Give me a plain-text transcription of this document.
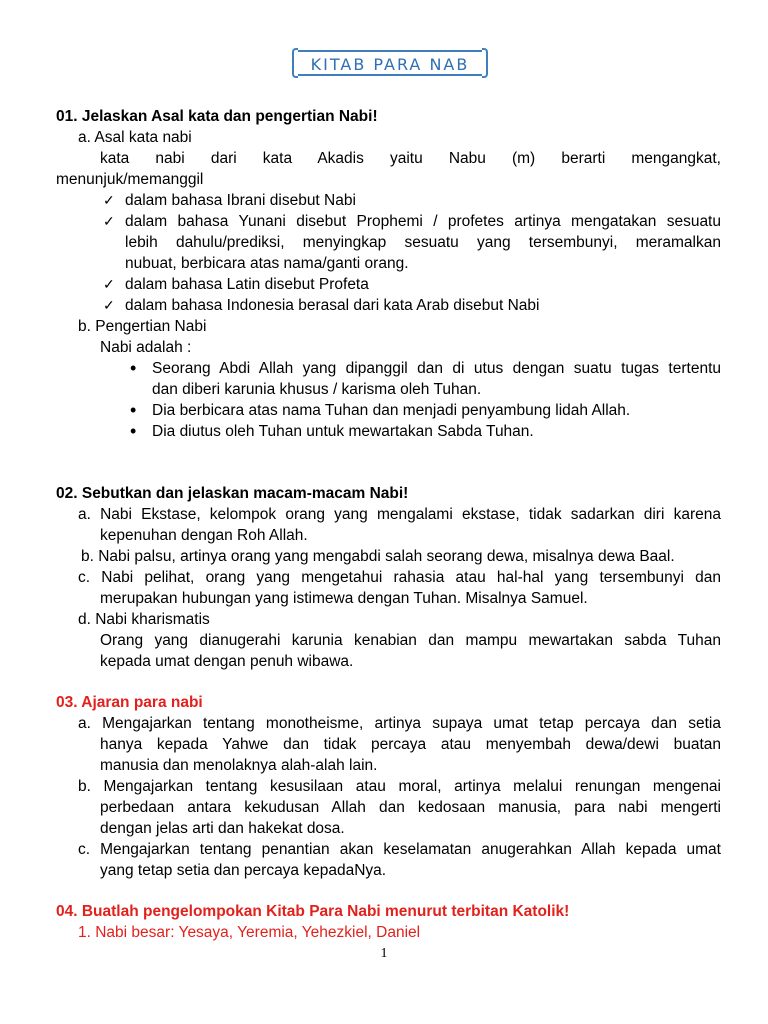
KITAB PARA NAB
01. Jelaskan Asal kata dan pengertian Nabi!
a. Asal kata nabi
kata nabi dari kata Akadis yaitu Nabu (m) berarti mengangkat,
menunjuk/memanggil
✓ dalam bahasa Ibrani disebut Nabi
✓ dalam bahasa Yunani disebut Prophemi / profetes artinya mengatakan sesuatu
lebih dahulu/prediksi, menyingkap sesuatu yang tersembunyi, meramalkan
nubuat, berbicara atas nama/ganti orang.
✓ dalam bahasa Latin disebut Profeta
✓ dalam bahasa Indonesia berasal dari kata Arab disebut Nabi
b. Pengertian Nabi
Nabi adalah :
• Seorang Abdi Allah yang dipanggil dan di utus dengan suatu tugas tertentu
dan diberi karunia khusus / karisma oleh Tuhan.
• Dia berbicara atas nama Tuhan dan menjadi penyambung lidah Allah.
• Dia diutus oleh Tuhan untuk mewartakan Sabda Tuhan.
02. Sebutkan dan jelaskan macam-macam Nabi!
a. Nabi Ekstase, kelompok orang yang mengalami ekstase, tidak sadarkan diri karena
kepenuhan dengan Roh Allah.
b. Nabi palsu, artinya orang yang mengabdi salah seorang dewa, misalnya dewa Baal.
c. Nabi pelihat, orang yang mengetahui rahasia atau hal-hal yang tersembunyi dan
merupakan hubungan yang istimewa dengan Tuhan. Misalnya Samuel.
d. Nabi kharismatis
Orang yang dianugerahi karunia kenabian dan mampu mewartakan sabda Tuhan
kepada umat dengan penuh wibawa.
03. Ajaran para nabi
a. Mengajarkan tentang monotheisme, artinya supaya umat tetap percaya dan setia
hanya kepada Yahwe dan tidak percaya atau menyembah dewa/dewi buatan
manusia dan menolaknya alah-alah lain.
b. Mengajarkan tentang kesusilaan atau moral, artinya melalui renungan mengenai
perbedaan antara kekudusan Allah dan kedosaan manusia, para nabi mengerti
dengan jelas arti dan hakekat dosa.
c. Mengajarkan tentang penantian akan keselamatan anugerahkan Allah kepada umat
yang tetap setia dan percaya kepadaNya.
04. Buatlah pengelompokan Kitab Para Nabi menurut terbitan Katolik!
1. Nabi besar: Yesaya, Yeremia, Yehezkiel, Daniel
1
